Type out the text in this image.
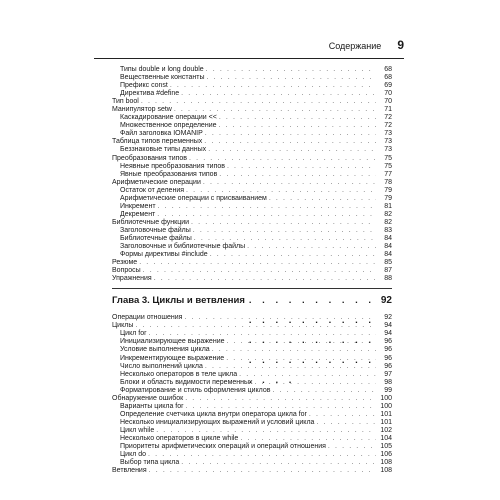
Содержание 9
Типы double и long double . . .	68
Вещественные константы . . .	68
Префикс const . . .	69
Директива #define . . .	70
Тип bool . . .	70
Манипулятор setw . . .	71
Каскадирование операции << . . .	72
Множественное определение . . .	72
Файл заголовка IOMANIP . . .	73
Таблица типов переменных . . .	73
Беззнаковые типы данных . . .	73
Преобразования типов . . .	75
Неявные преобразования типов . . .	75
Явные преобразования типов . . .	77
Арифметические операции . . .	78
Остаток от деления . . .	79
Арифметические операции с присваиванием . . .	79
Инкремент . . .	81
Декремент . . .	82
Библиотечные функции . . .	82
Заголовочные файлы . . .	83
Библиотечные файлы . . .	84
Заголовочные и библиотечные файлы . . .	84
Формы директивы #include . . .	84
Резюме . . .	85
Вопросы . . .	87
Упражнения . . .	88
Глава 3. Циклы и ветвления . . .	92
Операции отношения . . .	92
Циклы . . .	94
Цикл for . . .	94
Инициализирующее выражение . . .	96
Условие выполнения цикла . . .	96
Инкрементирующее выражение . . .	96
Число выполнений цикла . . .	96
Несколько операторов в теле цикла . . .	97
Блоки и область видимости переменных . . .	98
Форматирование и стиль оформления циклов . . .	99
Обнаружение ошибок . . .	100
Варианты цикла for . . .	100
Определение счетчика цикла внутри оператора цикла for . . .	101
Несколько инициализирующих выражений и условий цикла . . .	101
Цикл while . . .	102
Несколько операторов в цикле while . . .	104
Приоритеты арифметических операций и операций отношения . . .	105
Цикл do . . .	106
Выбор типа цикла . . .	108
Ветвления . . .	108
